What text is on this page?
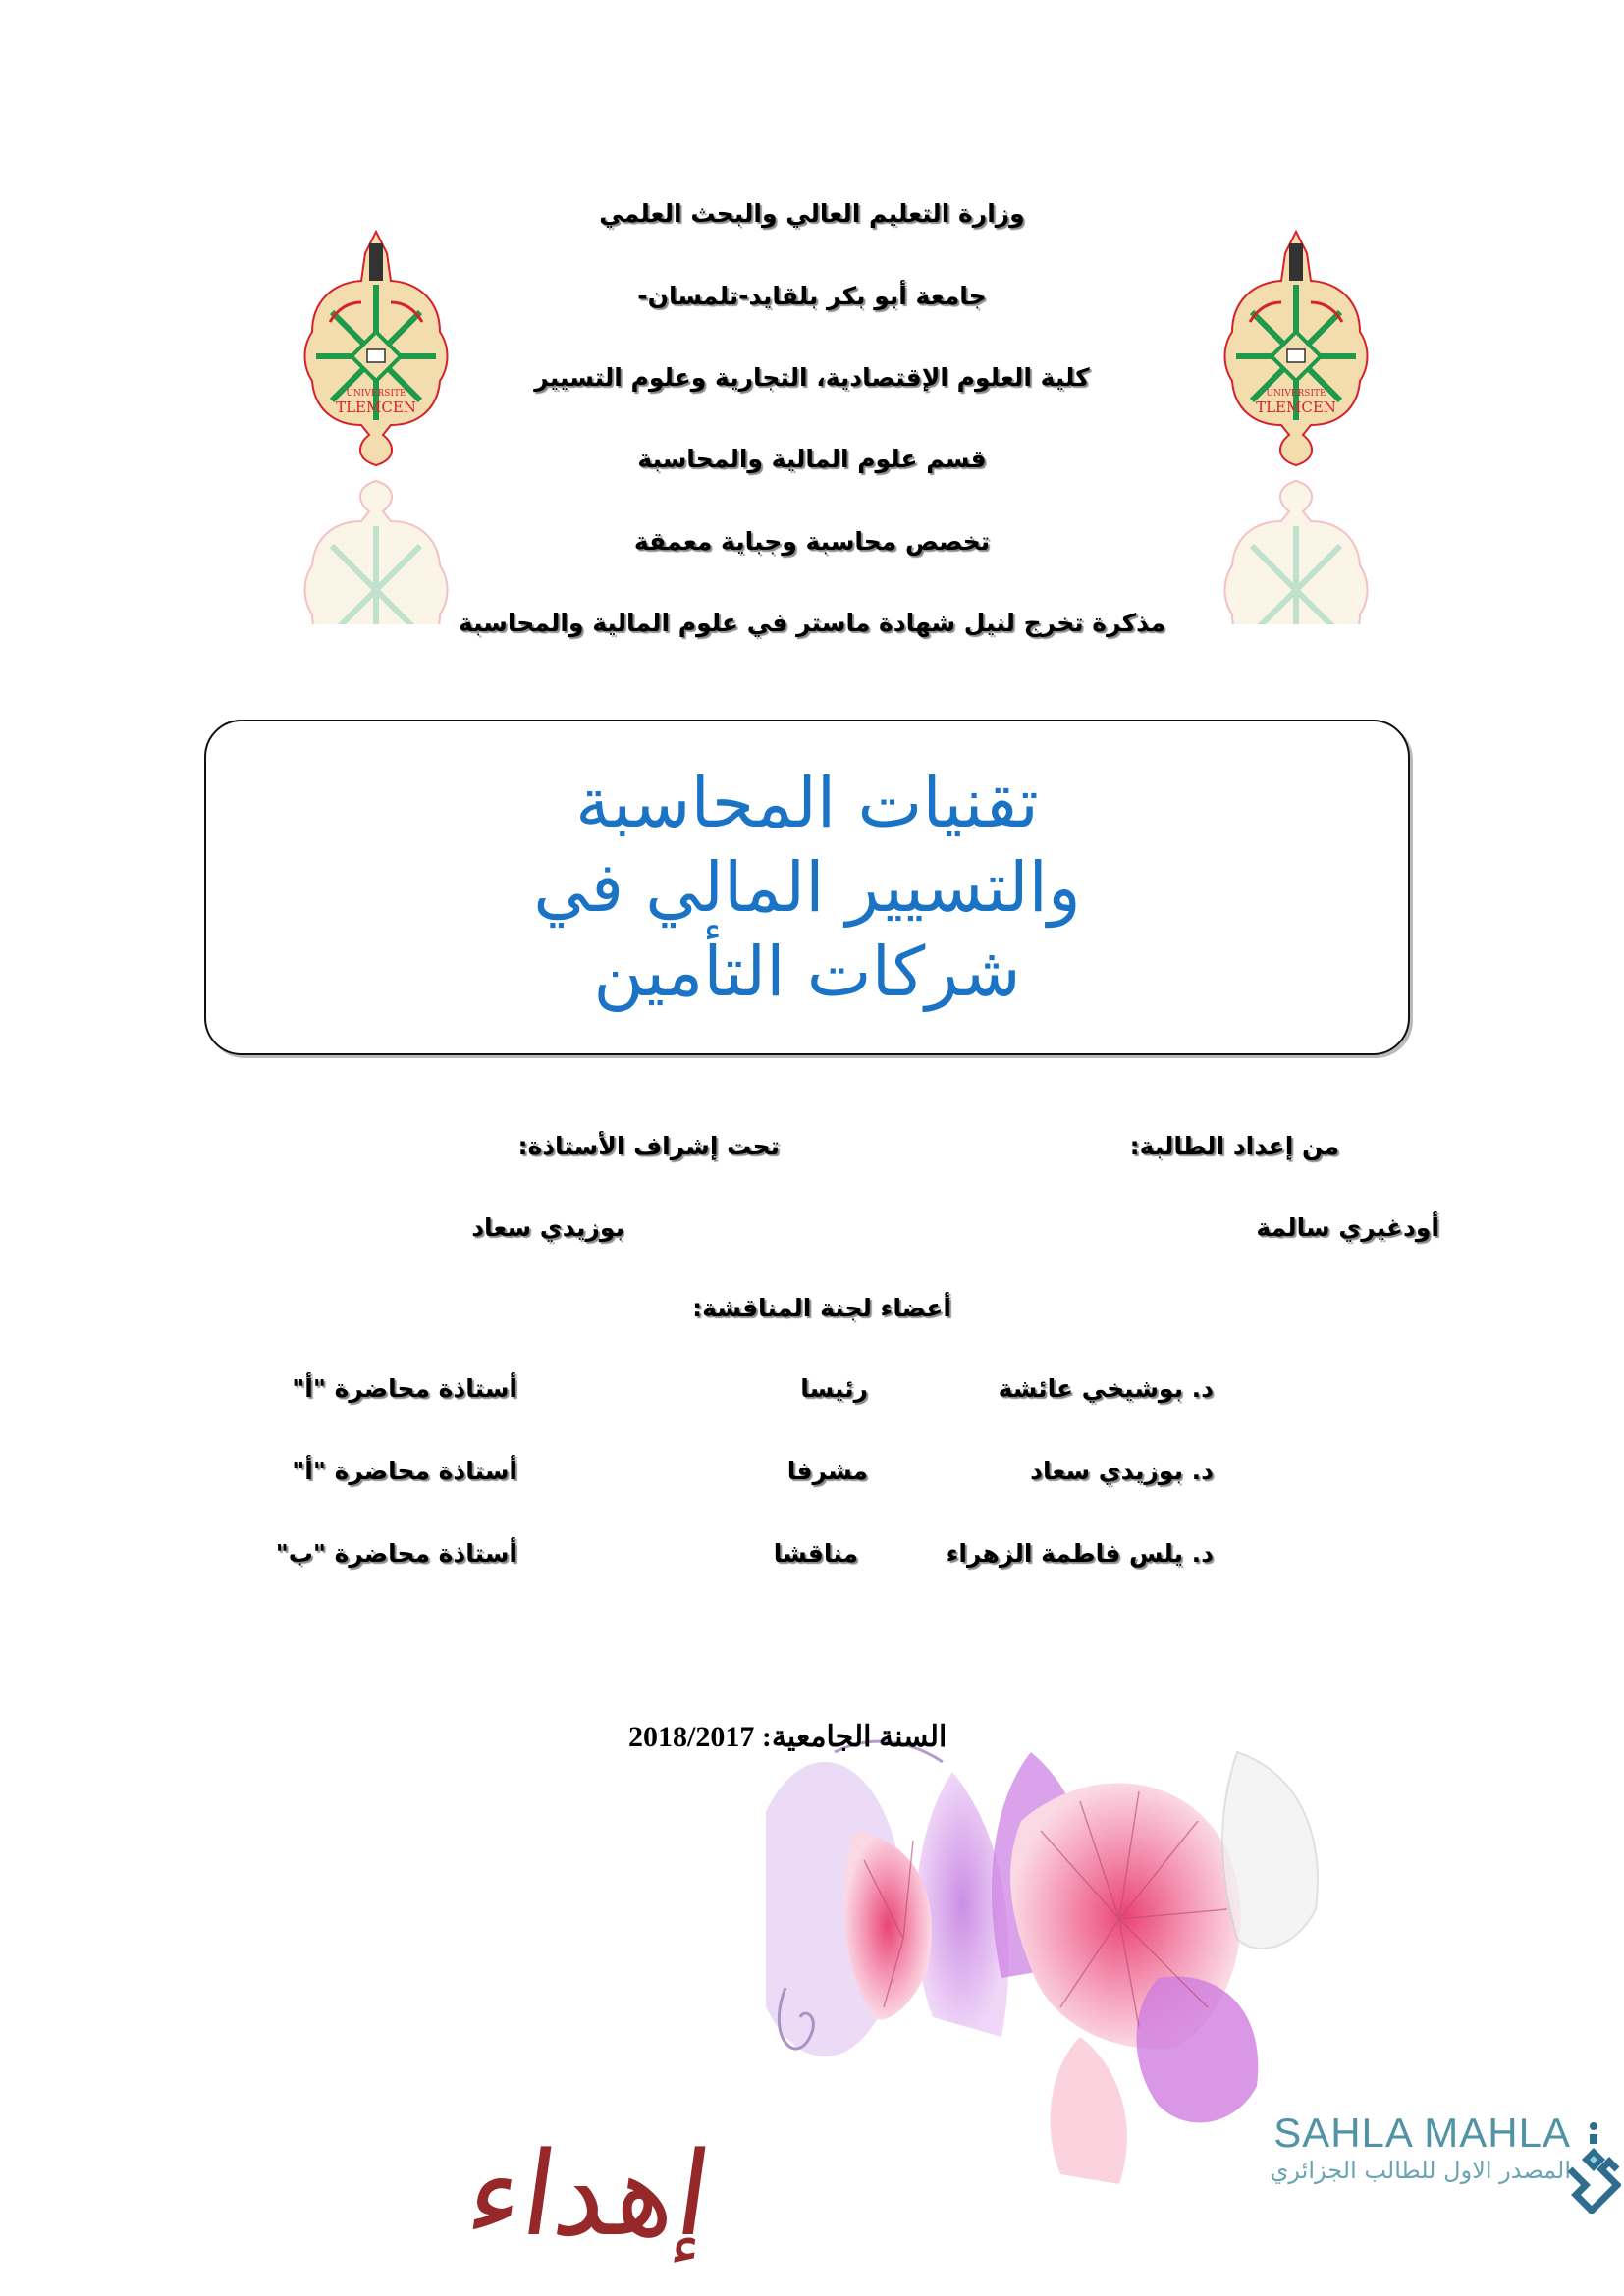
وزارة التعليم العالي والبحث العلمي
جامعة أبو بكر بلقايد-تلمسان-
كلية العلوم الإقتصادية، التجارية وعلوم التسيير
قسم علوم المالية والمحاسبة
تخصص محاسبة وجباية معمقة
مذكرة تخرج لنيل شهادة ماستر في علوم المالية والمحاسبة
UNIVERSITE
TLEMCEN
UNIVERSITE
TLEMCEN
تقنيات المحاسبة
والتسيير المالي في
شركات التأمين
من إعداد الطالبة:
تحت إشراف الأستاذة:
أودغيري سالمة
بوزيدي سعاد
أعضاء لجنة المناقشة:
د. بوشيخي عائشة
رئيسا
أستاذة محاضرة "أ"
د. بوزيدي سعاد
مشرفا
أستاذة محاضرة "أ"
د. يلس فاطمة الزهراء
مناقشا
أستاذة محاضرة "ب"
السنة الجامعية: 2018/2017
إهداء	SAHLA MAHLA
المصدر الاول للطالب الجزائري
